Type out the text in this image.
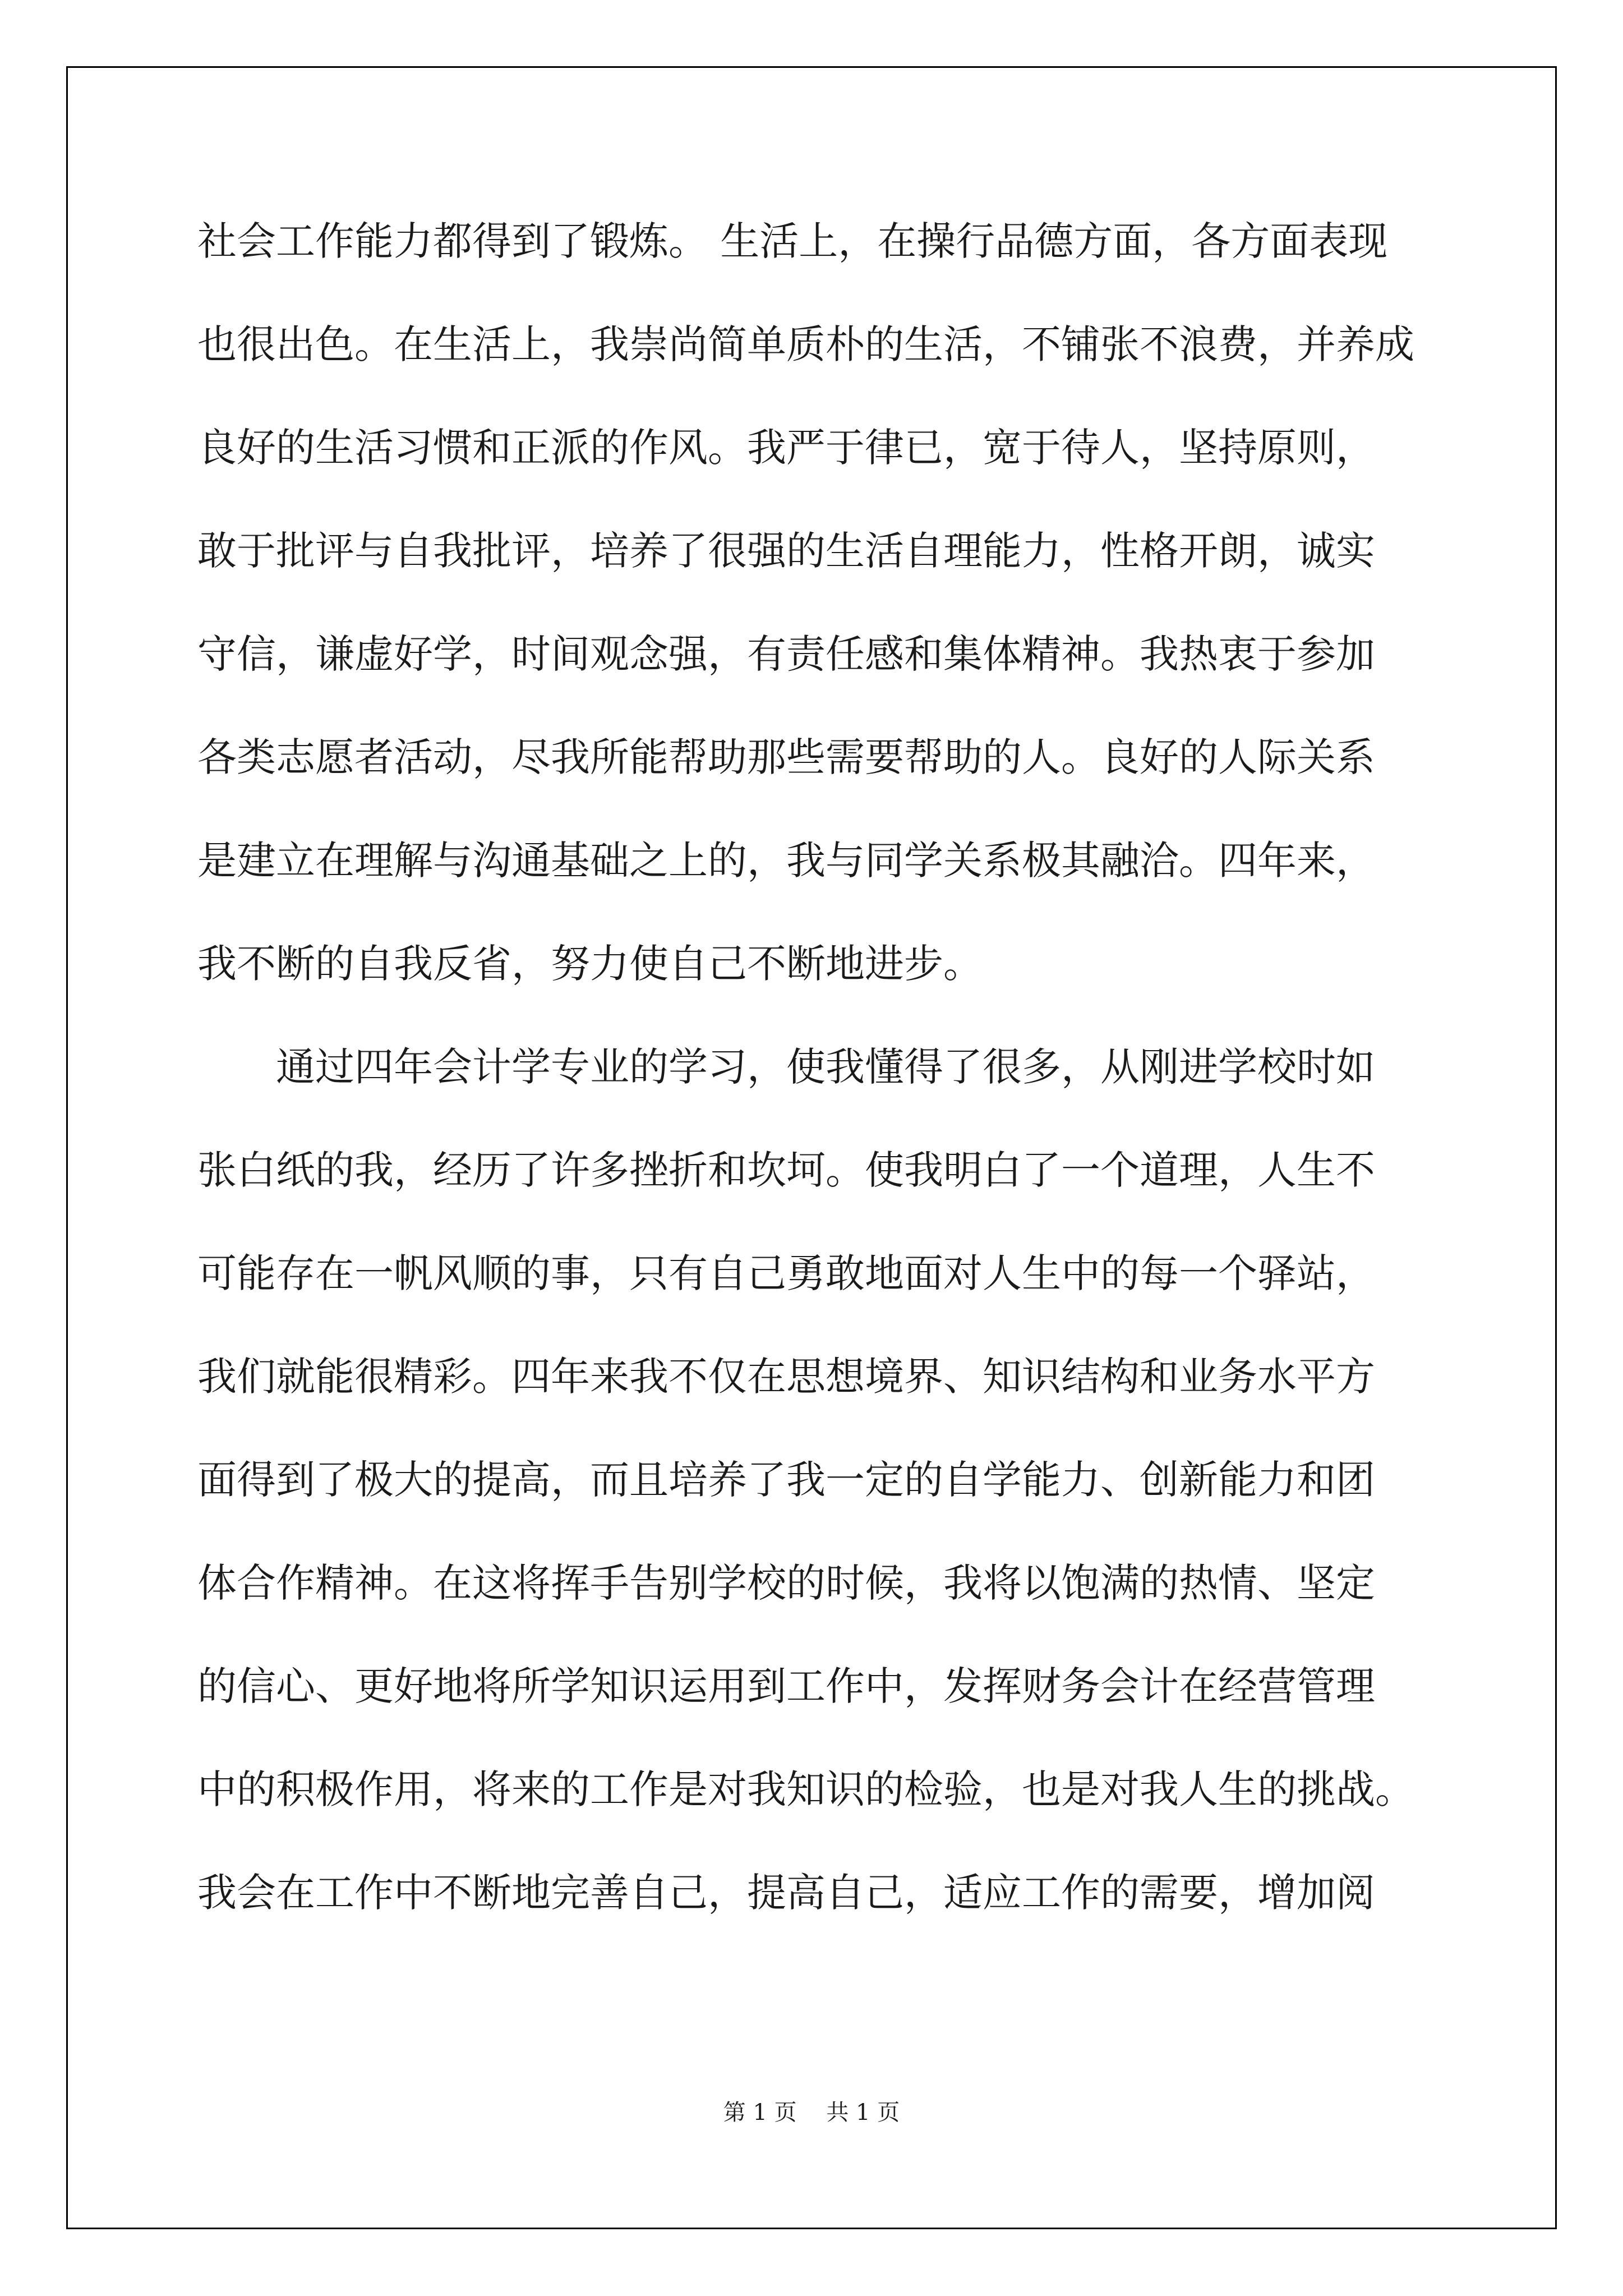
社会工作能力都得到了锻炼。 生活上，在操行品德方面，各方面表现
也很出色。在生活上，我崇尚简单质朴的生活，不铺张不浪费，并养成
良好的生活习惯和正派的作风。我严于律已，宽于待人，坚持原则，
敢于批评与自我批评，培养了很强的生活自理能力，性格开朗，诚实
守信，谦虚好学，时间观念强，有责任感和集体精神。我热衷于参加
各类志愿者活动，尽我所能帮助那些需要帮助的人。良好的人际关系
是建立在理解与沟通基础之上的，我与同学关系极其融洽。四年来，
我不断的自我反省，努力使自己不断地进步。
　　通过四年会计学专业的学习，使我懂得了很多，从刚进学校时如
张白纸的我，经历了许多挫折和坎坷。使我明白了一个道理，人生不
可能存在一帆风顺的事，只有自己勇敢地面对人生中的每一个驿站，
我们就能很精彩。四年来我不仅在思想境界、知识结构和业务水平方
面得到了极大的提高，而且培养了我一定的自学能力、创新能力和团
体合作精神。在这将挥手告别学校的时候，我将以饱满的热情、坚定
的信心、更好地将所学知识运用到工作中，发挥财务会计在经营管理
中的积极作用，将来的工作是对我知识的检验，也是对我人生的挑战。
我会在工作中不断地完善自己，提高自己，适应工作的需要，增加阅
第 1 页　 共 1 页
